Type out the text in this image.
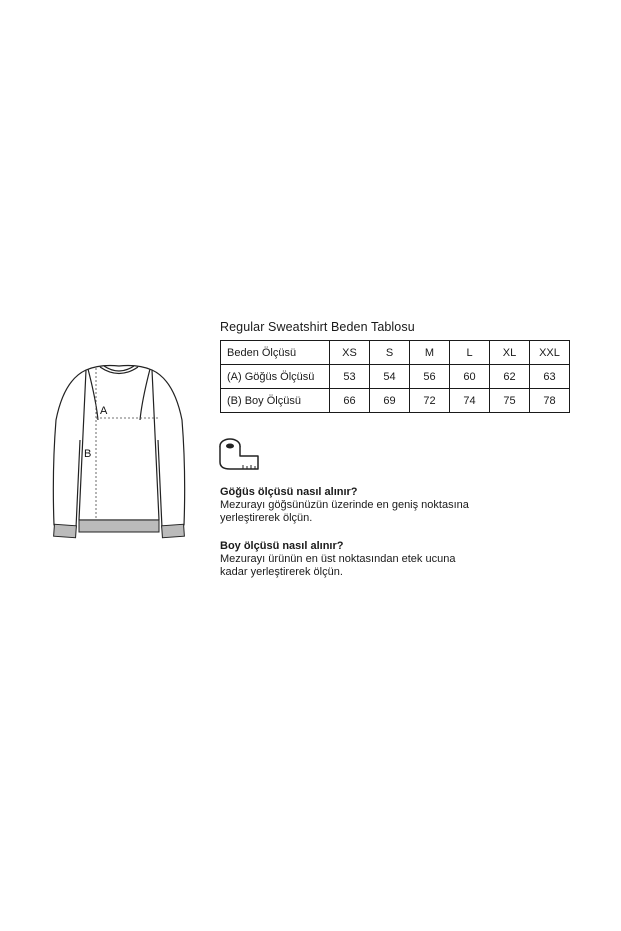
A
B
Regular Sweatshirt Beden Tablosu
Beden Ölçüsü	XS	S	M	L	XL	XXL
(A) Göğüs Ölçüsü	53	54	56	60	62	63
(B) Boy Ölçüsü	66	69	72	74	75	78
Göğüs ölçüsü nasıl alınır?
Mezurayı göğsünüzün üzerinde en geniş noktasına yerleştirerek ölçün.
Boy ölçüsü nasıl alınır?
Mezurayı ürünün en üst noktasından etek ucuna kadar yerleştirerek ölçün.
